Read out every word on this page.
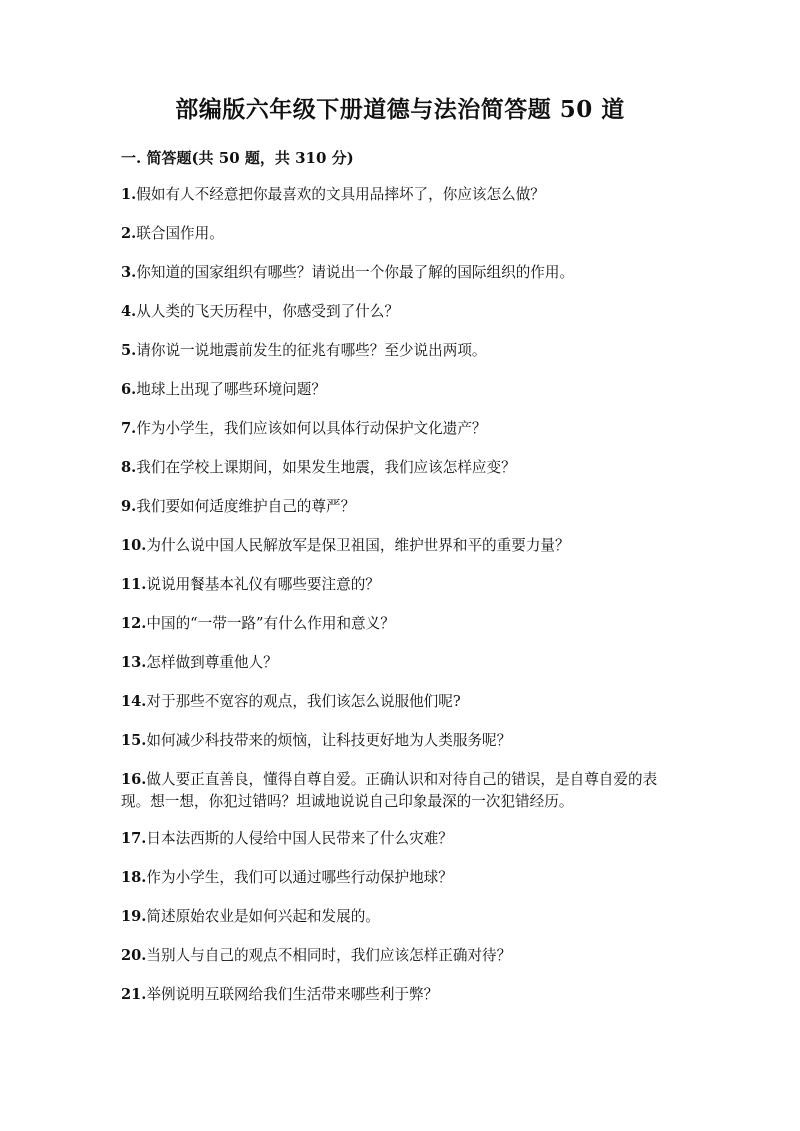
部编版六年级下册道德与法治简答题 50 道
一. 简答题(共 50 题，共 310 分)
1.假如有人不经意把你最喜欢的文具用品摔坏了，你应该怎么做？
2.联合国作用。
3.你知道的国家组织有哪些？请说出一个你最了解的国际组织的作用。
4.从人类的飞天历程中，你感受到了什么？
5.请你说一说地震前发生的征兆有哪些？至少说出两项。
6.地球上出现了哪些环境问题？
7.作为小学生，我们应该如何以具体行动保护文化遗产？
8.我们在学校上课期间，如果发生地震，我们应该怎样应变？
9.我们要如何适度维护自己的尊严？
10.为什么说中国人民解放军是保卫祖国，维护世界和平的重要力量？
11.说说用餐基本礼仪有哪些要注意的？
12.中国的“一带一路”有什么作用和意义？
13.怎样做到尊重他人？
14.对于那些不宽容的观点，我们该怎么说服他们呢?
15.如何减少科技带来的烦恼，让科技更好地为人类服务呢？
16.做人要正直善良，懂得自尊自爱。正确认识和对待自己的错误，是自尊自爱的表现。想一想，你犯过错吗？坦诚地说说自己印象最深的一次犯错经历。
17.日本法西斯的人侵给中国人民带来了什么灾难？
18.作为小学生，我们可以通过哪些行动保护地球？
19.简述原始农业是如何兴起和发展的。
20.当别人与自己的观点不相同时，我们应该怎样正确对待？
21.举例说明互联网给我们生活带来哪些利于弊？
